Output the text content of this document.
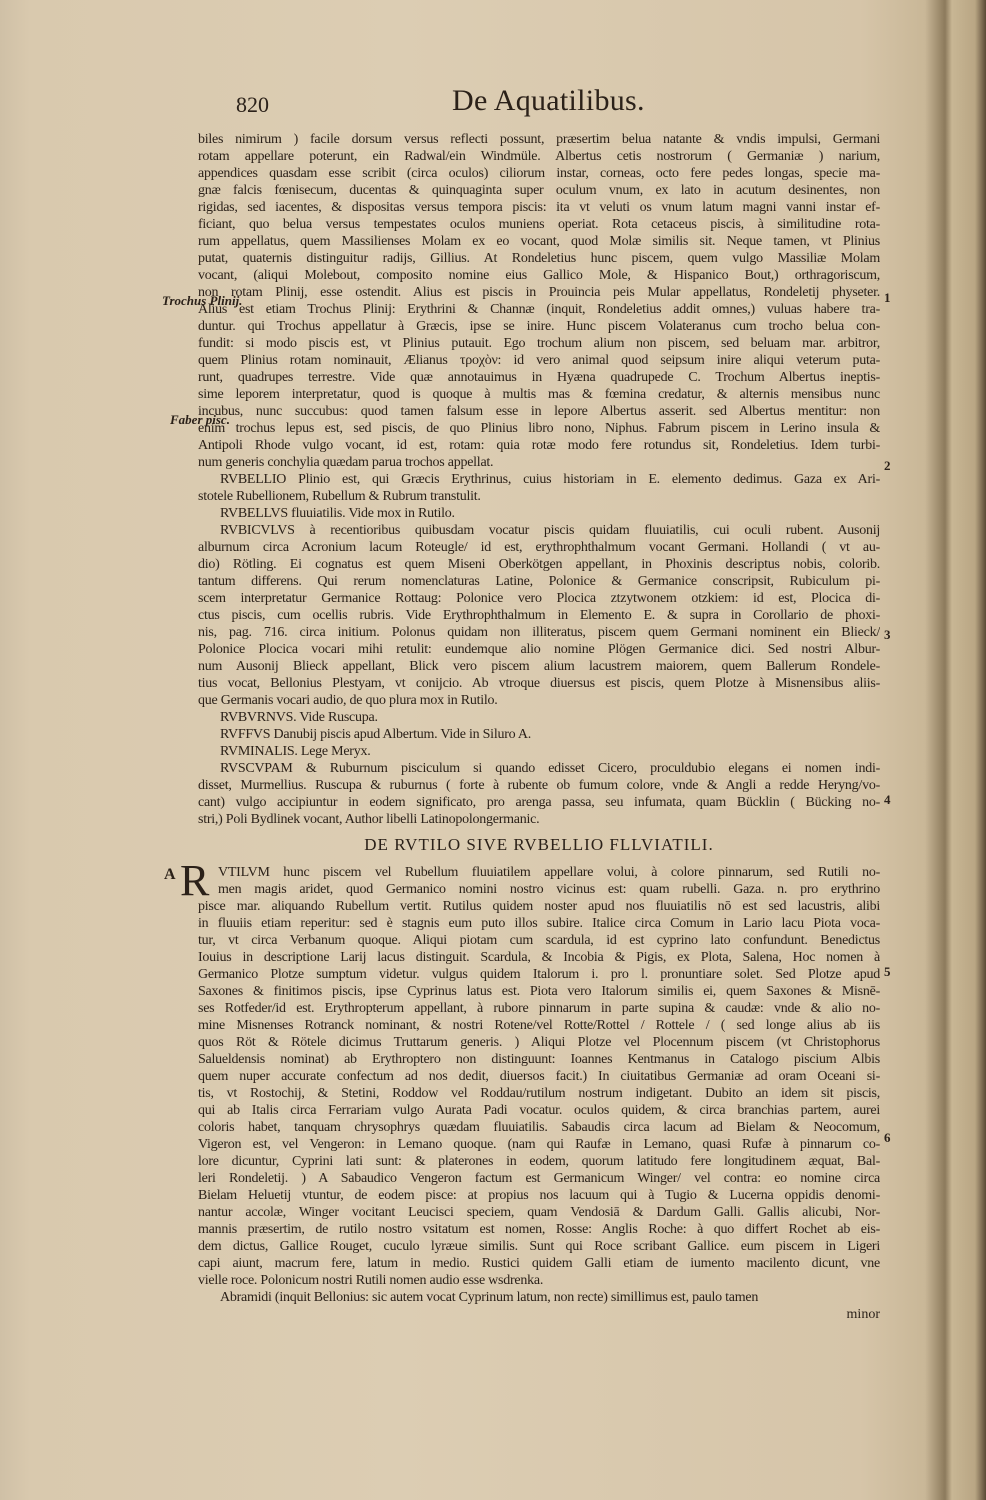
820	De Aquatilibus.
Trochus Plinij.
Faber pisc.
1
2
3
4
5
6
biles nimirum ) facile dorsum versus reflecti possunt, præsertim belua natante & vndis impulsi, Germani
rotam appellare poterunt, ein Radwal/ein Windmüle. Albertus cetis nostrorum ( Germaniæ ) narium,
appendices quasdam esse scribit (circa oculos) ciliorum instar, corneas, octo fere pedes longas, specie ma-
gnæ falcis fœnisecum, ducentas & quinquaginta super oculum vnum, ex lato in acutum desinentes, non
rigidas, sed iacentes, & dispositas versus tempora piscis: ita vt veluti os vnum latum magni vanni instar ef-
ficiant, quo belua versus tempestates oculos muniens operiat. Rota cetaceus piscis, à similitudine rota-
rum appellatus, quem Massilienses Molam ex eo vocant, quod Molæ similis sit. Neque tamen, vt Plinius
putat, quaternis distinguitur radijs, Gillius. At Rondeletius hunc piscem, quem vulgo Massiliæ Molam
vocant, (aliqui Molebout, composito nomine eius Gallico Mole, & Hispanico Bout,) orthragoriscum,
non rotam Plinij, esse ostendit. Alius est piscis in Prouincia peis Mular appellatus, Rondeletij physeter.
Alius est etiam Trochus Plinij: Erythrini & Channæ (inquit, Rondeletius addit omnes,) vuluas habere tra-
duntur. qui Trochus appellatur à Græcis, ipse se inire. Hunc piscem Volateranus cum trocho belua con-
fundit: si modo piscis est, vt Plinius putauit. Ego trochum alium non piscem, sed beluam mar. arbitror,
quem Plinius rotam nominauit, Ælianus τροχὸν: id vero animal quod seipsum inire aliqui veterum puta-
runt, quadrupes terrestre. Vide quæ annotauimus in Hyæna quadrupede C. Trochum Albertus ineptis-
sime leporem interpretatur, quod is quoque à multis mas & fœmina credatur, & alternis mensibus nunc
incubus, nunc succubus: quod tamen falsum esse in lepore Albertus asserit. sed Albertus mentitur: non
enim trochus lepus est, sed piscis, de quo Plinius libro nono, Niphus. Fabrum piscem in Lerino insula &
Antipoli Rhode vulgo vocant, id est, rotam: quia rotæ modo fere rotundus sit, Rondeletius. Idem turbi-
num generis conchylia quædam parua trochos appellat.
RVBELLIO Plinio est, qui Græcis Erythrinus, cuius historiam in E. elemento dedimus. Gaza ex Ari-
stotele Rubellionem, Rubellum & Rubrum transtulit.
RVBELLVS fluuiatilis. Vide mox in Rutilo.
RVBICVLVS à recentioribus quibusdam vocatur piscis quidam fluuiatilis, cui oculi rubent. Ausonij
alburnum circa Acronium lacum Roteugle/ id est, erythrophthalmum vocant Germani. Hollandi ( vt au-
dio) Rötling. Ei cognatus est quem Miseni Oberkötgen appellant, in Phoxinis descriptus nobis, colorib.
tantum differens. Qui rerum nomenclaturas Latine, Polonice & Germanice conscripsit, Rubiculum pi-
scem interpretatur Germanice Rottaug: Polonice vero Plocica ztzytwonem otzkiem: id est, Plocica di-
ctus piscis, cum ocellis rubris. Vide Erythrophthalmum in Elemento E. & supra in Corollario de phoxi-
nis, pag. 716. circa initium. Polonus quidam non illiteratus, piscem quem Germani nominent ein Blieck/
Polonice Plocica vocari mihi retulit: eundemque alio nomine Plögen Germanice dici. Sed nostri Albur-
num Ausonij Blieck appellant, Blick vero piscem alium lacustrem maiorem, quem Ballerum Rondele-
tius vocat, Bellonius Plestyam, vt conijcio. Ab vtroque diuersus est piscis, quem Plotze à Misnensibus aliis-
que Germanis vocari audio, de quo plura mox in Rutilo.
RVBVRNVS. Vide Ruscupa.
RVFFVS Danubij piscis apud Albertum. Vide in Siluro A.
RVMINALIS. Lege Meryx.
RVSCVPAM & Ruburnum pisciculum si quando edisset Cicero, proculdubio elegans ei nomen indi-
disset, Murmellius. Ruscupa & ruburnus ( forte à rubente ob fumum colore, vnde & Angli a redde Heryng/vo-
cant) vulgo accipiuntur in eodem significato, pro arenga passa, seu infumata, quam Bücklin ( Bücking no-
stri,) Poli Bydlinek vocant, Author libelli Latinopolongermanic.
DE RVTILO SIVE RVBELLIO FLLVIATILI.
A R VTILVM hunc piscem vel Rubellum fluuiatilem appellare volui, à colore pinnarum, sed Rutili no-
men magis aridet, quod Germanico nomini nostro vicinus est: quam rubelli. Gaza. n. pro erythrino
pisce mar. aliquando Rubellum vertit. Rutilus quidem noster apud nos fluuiatilis nō est sed lacustris, alibi
in fluuiis etiam reperitur: sed è stagnis eum puto illos subire. Italice circa Comum in Lario lacu Piota voca-
tur, vt circa Verbanum quoque. Aliqui piotam cum scardula, id est cyprino lato confundunt. Benedictus
Iouius in descriptione Larij lacus distinguit. Scardula, & Incobia & Pigis, ex Plota, Salena, Hoc nomen à
Germanico Plotze sumptum videtur. vulgus quidem Italorum i. pro l. pronuntiare solet. Sed Plotze apud
Saxones & finitimos piscis, ipse Cyprinus latus est. Piota vero Italorum similis ei, quem Saxones & Misnē-
ses Rotfeder/id est. Erythropterum appellant, à rubore pinnarum in parte supina & caudæ: vnde & alio no-
mine Misnenses Rotranck nominant, & nostri Rotene/vel Rotte/Rottel / Rottele / ( sed longe alius ab iis
quos Röt & Rötele dicimus Truttarum generis. ) Aliqui Plotze vel Plocennum piscem (vt Christophorus
Salueldensis nominat) ab Erythroptero non distinguunt: Ioannes Kentmanus in Catalogo piscium Albis
quem nuper accurate confectum ad nos dedit, diuersos facit.) In ciuitatibus Germaniæ ad oram Oceani si-
tis, vt Rostochij, & Stetini, Roddow vel Roddau/rutilum nostrum indigetant. Dubito an idem sit piscis,
qui ab Italis circa Ferrariam vulgo Aurata Padi vocatur. oculos quidem, & circa branchias partem, aurei
coloris habet, tanquam chrysophrys quædam fluuiatilis. Sabaudis circa lacum ad Bielam & Neocomum,
Vigeron est, vel Vengeron: in Lemano quoque. (nam qui Raufæ in Lemano, quasi Rufæ à pinnarum co-
lore dicuntur, Cyprini lati sunt: & platerones in eodem, quorum latitudo fere longitudinem æquat, Bal-
leri Rondeletij. ) A Sabaudico Vengeron factum est Germanicum Winger/ vel contra: eo nomine circa
Bielam Heluetij vtuntur, de eodem pisce: at propius nos lacuum qui à Tugio & Lucerna oppidis denomi-
nantur accolæ, Winger vocitant Leucisci speciem, quam Vendosiā & Dardum Galli. Gallis alicubi, Nor-
mannis præsertim, de rutilo nostro vsitatum est nomen, Rosse: Anglis Roche: à quo differt Rochet ab eis-
dem dictus, Gallice Rouget, cuculo lyræue similis. Sunt qui Roce scribant Gallice. eum piscem in Ligeri
capi aiunt, macrum fere, latum in medio. Rustici quidem Galli etiam de iumento macilento dicunt, vne
vielle roce. Polonicum nostri Rutili nomen audio esse wsdrenka.
Abramidi (inquit Bellonius: sic autem vocat Cyprinum latum, non recte) simillimus est, paulo tamen
minor
